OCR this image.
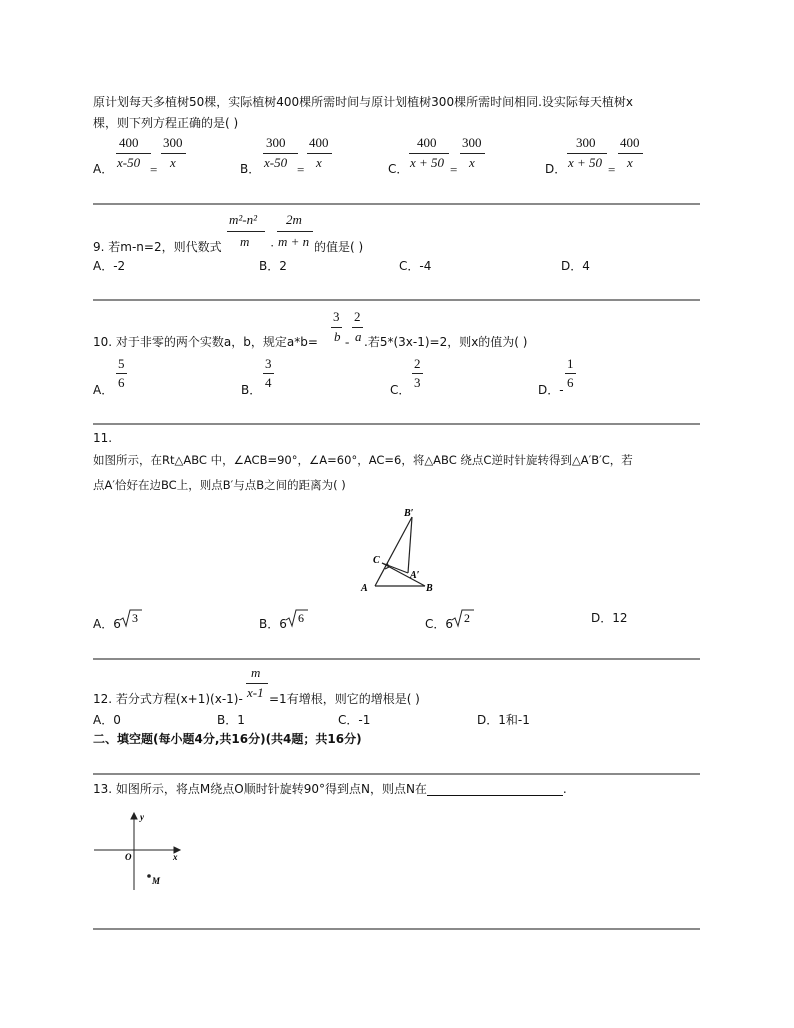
原计划每天多植树50棵，实际植树400棵所需时间与原计划植树300棵所需时间相同.设实际每天植树x
棵，则下列方程正确的是( )
A．
400
x-50 =
300
x	B．
300
x-50 =
400
x	C．
400
x + 50 =
300
x	D．
300
x + 50 =
400
x
9. 若m-n=2，则代数式
m²-n²
m ·
2m
m + n 的值是( )
A．-2	B．2	C．-4	D．4
10. 对于非零的两个实数a，b，规定a*b=
3
b -
2
a .若5*(3x-1)=2，则x的值为( )
A．
5
6	B．
3
4	C．
2
3	D．-
1
6
11.
如图所示，在Rt△ABC 中，∠ACB=90°，∠A=60°，AC=6，将△ABC 绕点C逆时针旋转得到△A′B′C，若
点A′恰好在边BC上，则点B′与点B之间的距离为( )
B′
C
A′
A	B
A．6 3	B．6 6	C．6 2	D．12
12. 若分式方程(x+1)(x-1)-
m
x-1 =1有增根，则它的增根是( )
A．0	B．1	C．-1	D．1和-1
二、填空题(每小题4分,共16分)(共4题；共16分)
13. 如图所示，将点M绕点O顺时针旋转90°得到点N，则点N在	.
y
O	x
M
